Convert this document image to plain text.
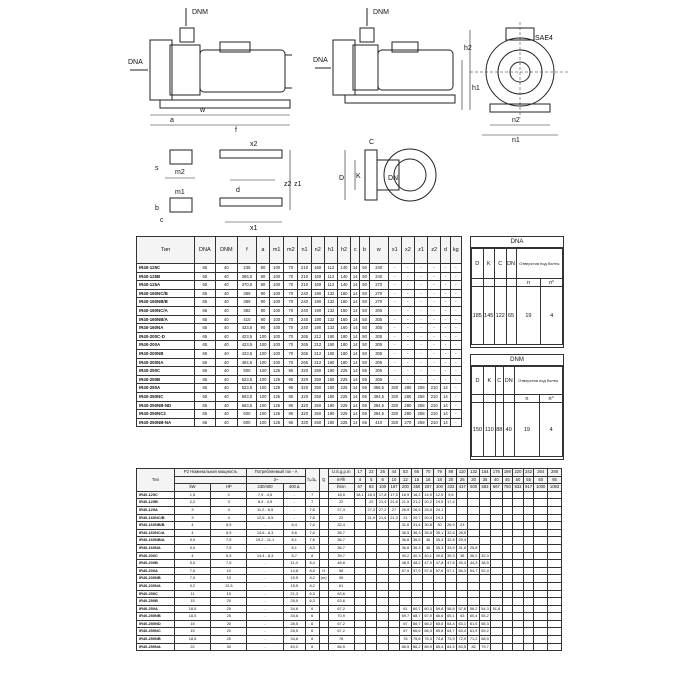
DNM
DNA
DNM
DNA
a
w
f
h1
h2
SAE4
n2
n1
s
m2
m1
b
c
x2
x1
z2 z1
d
D K
C
DN
Тип	DNA	DNM	f	a	m1	m2	n1	n2	h1	h2	c	b	w	x1	x2	z1	z2	d	kg
IR40-125C	65	40	235	80	100	70	210	160	112	140	14	50	240	-	-	-	-	-	-
IR40-125B	65	40	365,5	80	100	70	210	160	112	140	14	50	240	-	-	-	-	-	-
IR40-125A	65	40	370,5	80	100	70	210	160	112	140	14	50	270	-	-	-	-	-	-
IR40-160NC/B	65	40	389	90	100	70	240	190	132	160	14	50	270	-	-	-	-	-	-
IR40-160NB/B	65	40	389	90	100	70	240	190	132	160	14	50	270	-	-	-	-	-	-
IR40-160NC/A	65	40	382	90	100	70	240	190	132	160	14	50	305	-	-	-	-	-	-
IR40-160NB/A	65	40	410	90	100	70	240	190	132	160	14	50	305	-	-	-	-	-	-
IR40-160NA	65	40	423,5	90	100	70	240	190	132	160	14	50	305	-	-	-	-	-	-
IR40-200C-D	65	40	423,5	100	100	70	265	212	160	180	14	50	305	-	-	-	-	-	-
IR40-200A	65	40	423,5	100	100	70	265	212	160	180	14	50	305	-	-	-	-	-	-
IR40-200NB	65	40	423,5	100	100	70	265	212	160	180	14	50	305	-	-	-	-	-	-
IR40-200NA	65	40	484,5	100	100	70	265	212	160	180	14	50	305	-	-	-	-	-	-
IR40-250C	65	40	500	100	125	95	320	250	180	225	14	65	305	-	-	-	-	-	-
IR40-250B	65	40	523,5	100	125	95	320	250	180	225	14	65	305	-	-	-	-	-	-
IR40-250A	65	40	523,5	100	125	95	320	250	180	225	14	65	366,5	320	280	258	210	14	-
IR40-250NC	65	40	563,5	100	125	95	320	250	180	225	14	65	394,5	320	280	258	210	14	-
IR40-250NB-ND	65	40	563,5	100	125	95	320	250	180	225	14	65	394,5	320	280	258	210	14	-
IR40-250NC2	65	40	600	100	125	95	320	250	180	225	14	65	394,5	320	280	258	210	14	-
IR40-250NB-NA	65	40	600	100	125	95	320	250	180	225	14	65	410	320	270	258	210	14	-
DNA
D	K	C	DN	Отверстия под болты	
				n	n°
185	145	122	65	19	4
DNM
D	K	C	DN	Отверстия под болты	
				n	n°
150	110	88	40	19	4
Тип	P2 Номинальная мощность		Потребляемый ток - А		hₛ/Δₛ	Q	U.S.g.p.m	17	22	26	44	53	66	70	79	88	110	132	154	176	198	220	242	264	286
			3~				m³/h	4	5	6	10	12	15	16	18	20	25	30	35	40	45	50	55	60	65
	kW	HP	230/400	400 Δ			l/min	67	83	100	167	200	250	267	300	333	417	500	583	667	750	833	917	1000	1083
IR40-125C	1,5	2	7,9 - 4,5	-	7		18,5	18,1	18,3	17,8	17,5	16,9	16,2	14,9	12,5	9,6									
IR40-125B	2,2	3	8,4 - 4,9	-	7		22		22	21,9	21,6	21,5	21,2	20,2	19,5	17,4									
IR40-125A	3	4	11,2 - 6,5	-	7,6		27,3		27,3	27,2	27	26,9	26,5	25,8	24,1										
IR40-160NC/B	3	4	12,9 - 6,5	-	7,6		22		21,9	21,6	21,3	21	20,7	20,4	19,3										
IR40-160NB/B	4	5,5	-	8,4	7,6		32,4					31,6	31,4	30,8	30	26,9	23								
IR40-160NC/A	4	5,5	14,6 - 8,3	8,6	7,6		36,7					36,5	36,3	35,8	35,1	32,6	28,5								
IR40-160NB/A	5,5	7,5	19,2 - 11,1	8,1	7,6		36,7					36,6	36,5	36	35,4	32,8	29,4								
IR40-160NA	5,5	7,5	-	8,1	8,3		36,7					36,6	36,3	36	35,3	33,9	31,6	25,8							
IR40-200C	4	5,5	14,4 - 8,3	8,7	8		39,7					40,2	40,3	40,1	39,8	39,3	38	36,2	32,3						
IR40-200B	5,5	7,5	-	11,4	8,4		48,8					48,5	48,2	47,9	47,8	47,6	45,4	44,3	38,5						
IR40-200A	7,5	10	-	14,8	8,5	H	58					57,9	57,9	57,8	57,6	57,1	56,3	54,7	52,4						
IR40-200NB	7,5	10	-	15,5	8,2	(m)	55																		
IR40-200NA	9,2	12,5	-	18,5	8,2		61																		
IR40-250C	11	15	-	21,3	6,3		63,6																		
IR40-250B	15	20	-	28,5	6,3		63,6																		
IR40-250A	18,5	25	-	34,6	6		67,2					61	60,7	60,3	59,8	58,8	57,6	56,2	54,3	51,8					
IR40-250NB	18,5	25	-	34,6	6		70,9					69,7	68,7	67,9	66,6	65,1	63	60,4	55,2						
IR40-250ND	15	20	-	28,5	6		67,2					67	66,7	66,2	65,6	64,4	63,1	61,5	58,3						
IR40-250NC	15	20	-	28,5	6		67,2					67	66,6	66,3	65,8	64,7	63,4	61,9	59,2						
IR40-250NB	18,5	25	-	34,6	6		76					76	75,6	75,3	74,8	73,9	72,9	71,2	68,5						
IR40-250NA	22	30	-	40,2	6		86,5					86,5	86,2	85,9	85,4	84,5	83,5	82	79,7						
